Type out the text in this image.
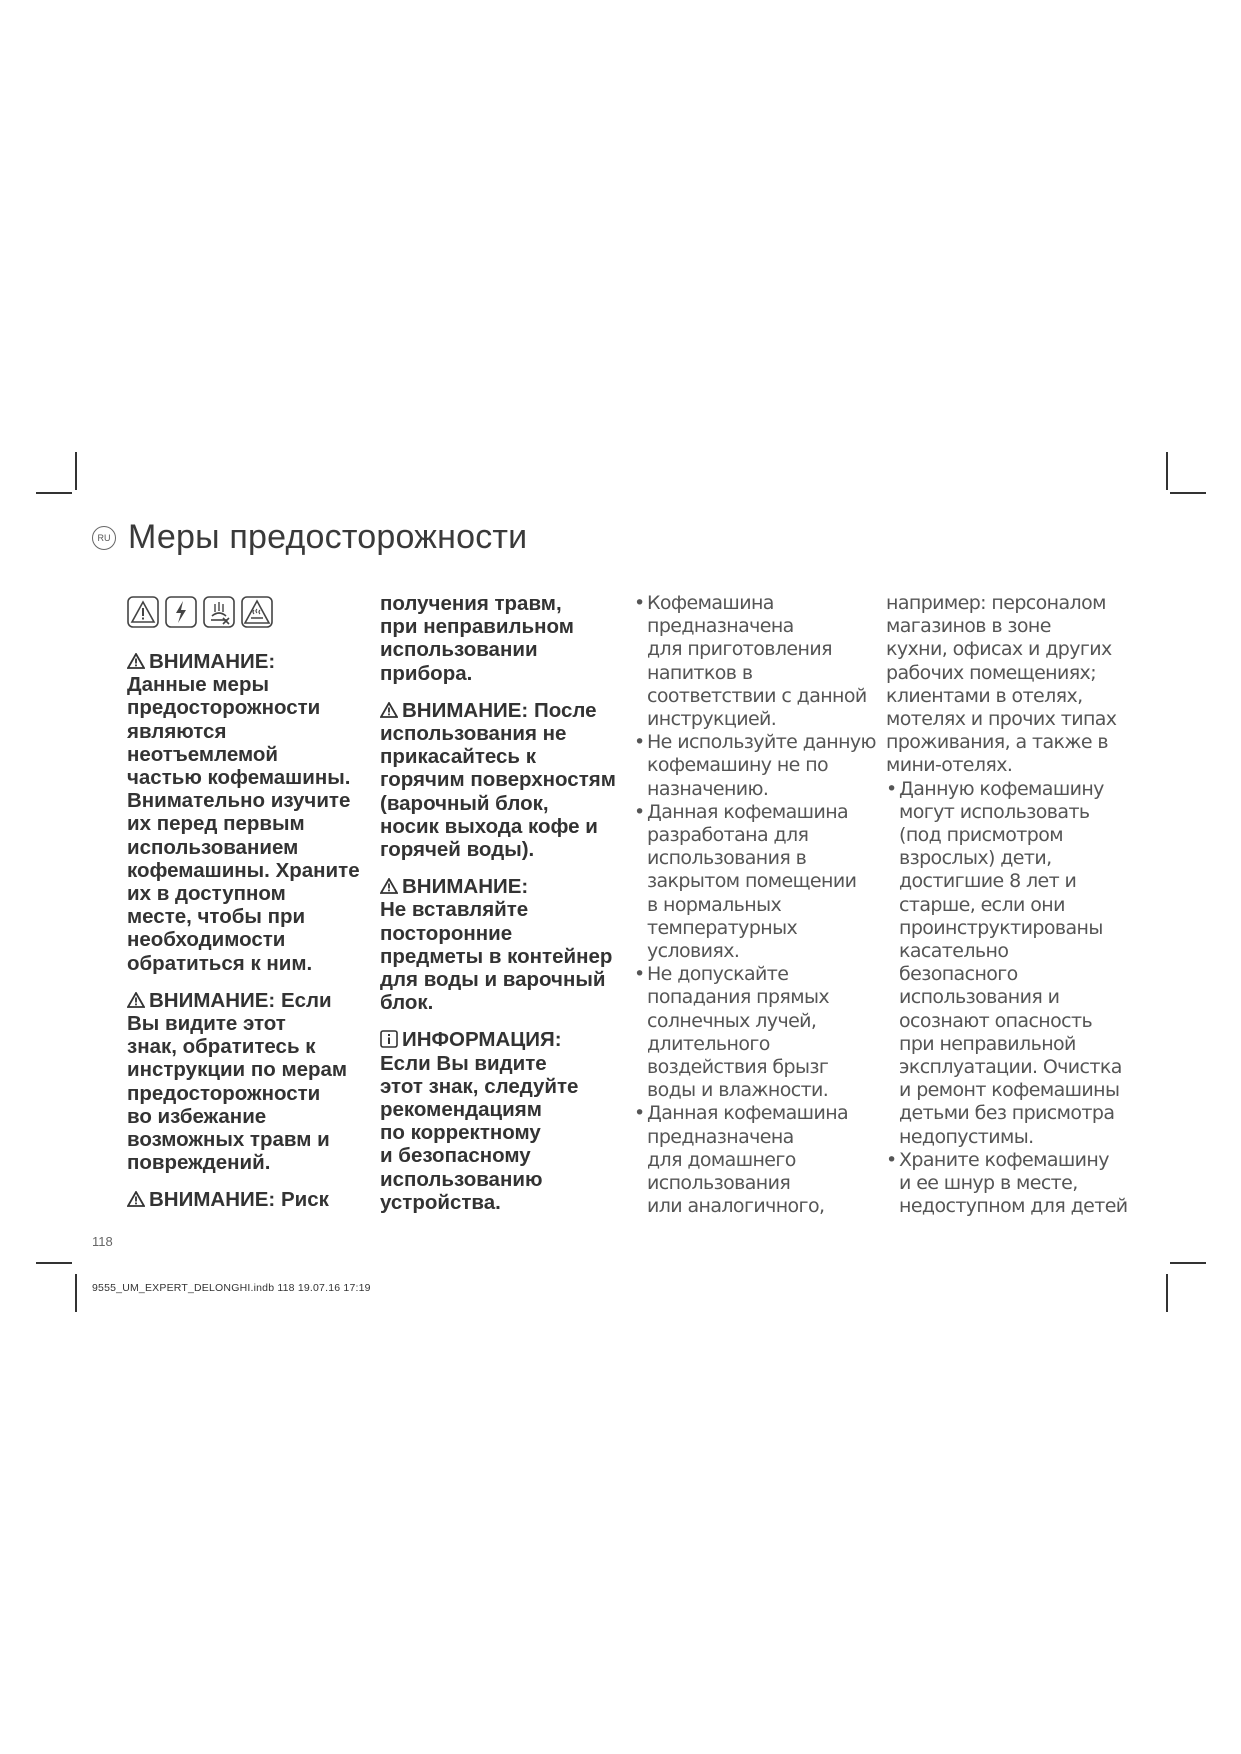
RU Меры предосторожности

ВНИМАНИЕ:
Данные меры
предосторожности
являются
неотъемлемой
частью кофемашины.
Внимательно изучите
их перед первым
использованием
кофемашины. Храните
их в доступном
месте, чтобы при
необходимости
обратиться к ним.

ВНИМАНИЕ: Если
Вы видите этот
знак, обратитесь к
инструкции по мерам
предосторожности
во избежание
возможных травм и
повреждений.

ВНИМАНИЕ: Риск

получения травм,
при неправильном
использовании
прибора.

ВНИМАНИЕ: После
использования не
прикасайтесь к
горячим поверхностям
(варочный блок,
носик выхода кофе и
горячей воды).

ВНИМАНИЕ:
Не вставляйте
посторонние
предметы в контейнер
для воды и варочный
блок.

ИНФОРМАЦИЯ:
Если Вы видите
этот знак, следуйте
рекомендациям
по корректному
и безопасному
использованию
устройства.

• Кофемашина
предназначена
для приготовления
напитков в
соответствии с данной
инструкцией.

• Не используйте данную
кофемашину не по
назначению.

• Данная кофемашина
разработана для
использования в
закрытом помещении
в нормальных
температурных
условиях.

• Не допускайте
попадания прямых
солнечных лучей,
длительного
воздействия брызг
воды и влажности.

• Данная кофемашина
предназначена
для домашнего
использования
или аналогичного,

например: персоналом
магазинов в зоне
кухни, офисах и других
рабочих помещениях;
клиентами в отелях,
мотелях и прочих типах
проживания, а также в
мини-отелях.

• Данную кофемашину
могут использовать
(под присмотром
взрослых) дети,
достигшие 8 лет и
старше, если они
проинструктированы
касательно
безопасного
использования и
осознают опасность
при неправильной
эксплуатации. Очистка
и ремонт кофемашины
детьми без присмотра
недопустимы.

• Храните кофемашину
и ее шнур в месте,
недоступном для детей

118
9555_UM_EXPERT_DELONGHI.indb 118 19.07.16 17:19
